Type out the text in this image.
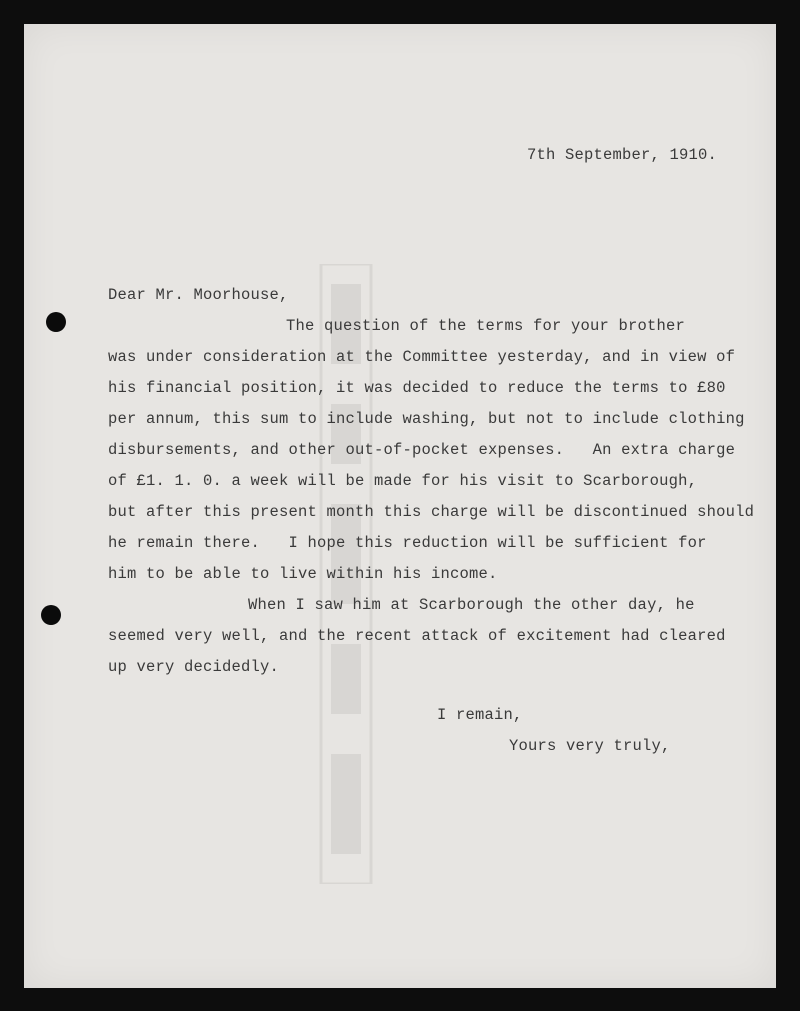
7th September, 1910.
Dear Mr. Moorhouse,
The question of the terms for your brother
was under consideration at the Committee yesterday, and in view of
his financial position, it was decided to reduce the terms to £80
per annum, this sum to include washing, but not to include clothing
disbursements, and other out-of-pocket expenses.   An extra charge
of £1. 1. 0. a week will be made for his visit to Scarborough,
but after this present month this charge will be discontinued should
he remain there.   I hope this reduction will be sufficient for
him to be able to live within his income.
When I saw him at Scarborough the other day, he
seemed very well, and the recent attack of excitement had cleared
up very decidedly.
I remain,
Yours very truly,
